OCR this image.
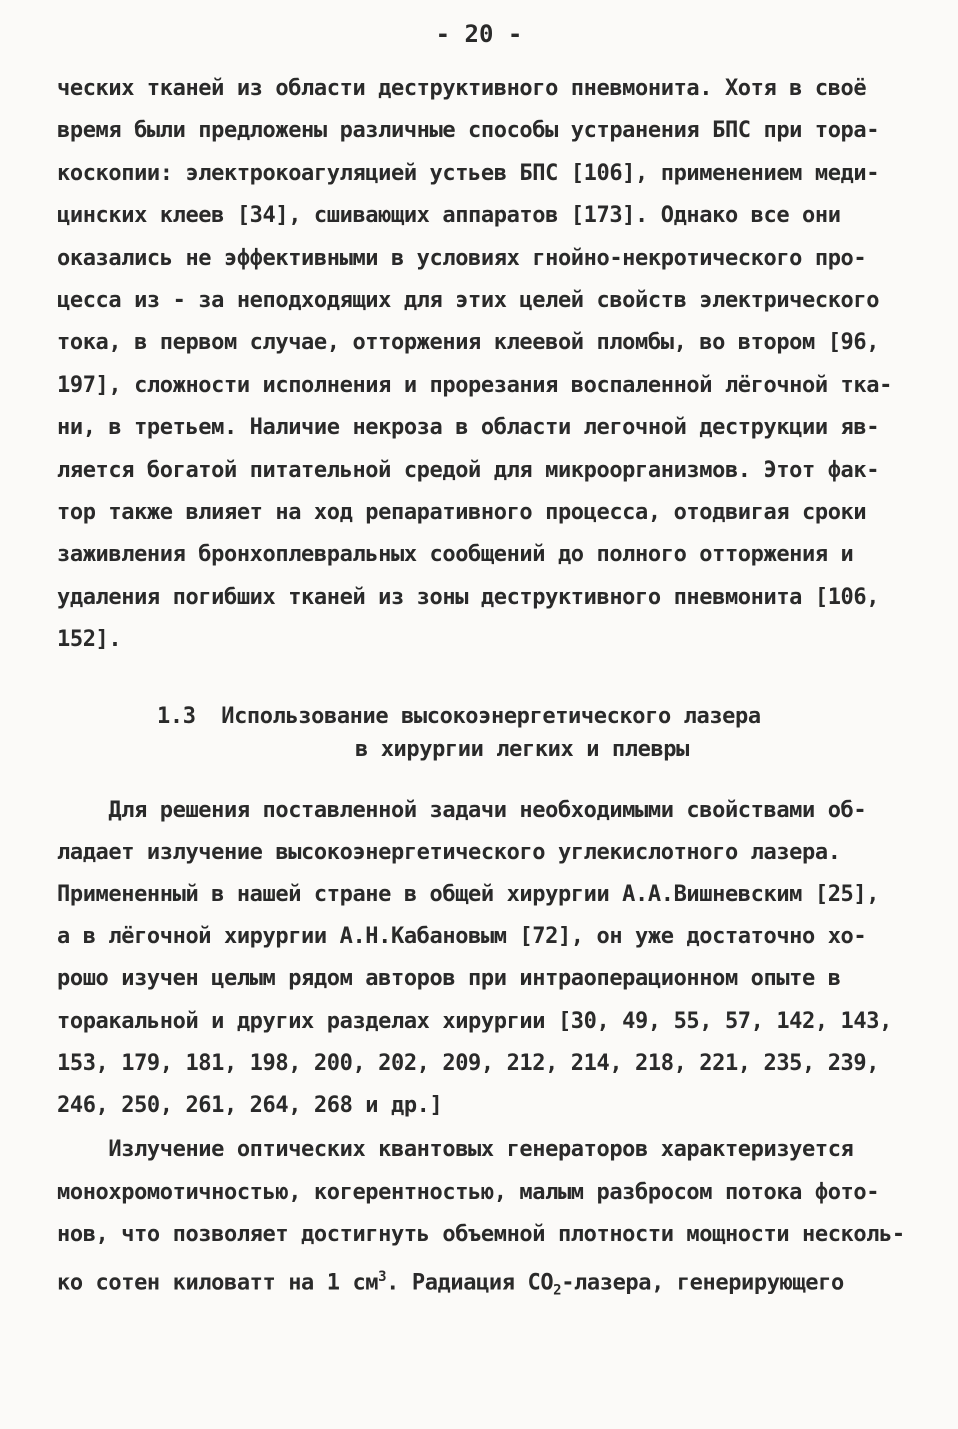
- 20 -
ческих тканей из области деструктивного пневмонита. Хотя в своё
время были предложены различные способы устранения БПС при тора-
коскопии: электрокоагуляцией устьев БПС [106], применением меди-
цинских клеев [34], сшивающих аппаратов [173]. Однако все они
оказались не эффективными в условиях гнойно-некротического про-
цесса из - за неподходящих для этих целей свойств электрического
тока, в первом случае, отторжения клеевой пломбы, во втором [96,
197], сложности исполнения и прорезания воспаленной лёгочной тка-
ни, в третьем. Наличие некроза в области легочной деструкции яв-
ляется богатой питательной средой для микроорганизмов. Этот фак-
тор также влияет на ход репаративного процесса, отодвигая сроки
заживления бронхоплевральных сообщений до полного отторжения и
удаления погибших тканей из зоны деструктивного пневмонита [106,
152].
1.3  Использование высокоэнергетического лазера
в хирургии легких и плевры
Для решения поставленной задачи необходимыми свойствами об-
ладает излучение высокоэнергетического углекислотного лазера.
Примененный в нашей стране в общей хирургии А.А.Вишневским [25],
а в лёгочной хирургии А.Н.Кабановым [72], он уже достаточно хо-
рошо изучен целым рядом авторов при интраоперационном опыте в
торакальной и других разделах хирургии [30, 49, 55, 57, 142, 143,
153, 179, 181, 198, 200, 202, 209, 212, 214, 218, 221, 235, 239,
246, 250, 261, 264, 268 и др.]
Излучение оптических квантовых генераторов характеризуется
монохромотичностью, когерентностью, малым разбросом потока фото-
нов, что позволяет достигнуть объемной плотности мощности несколь-
ко сотен киловатт на 1 $см^3$. Радиация $CO_2$-лазера, генерирующего
